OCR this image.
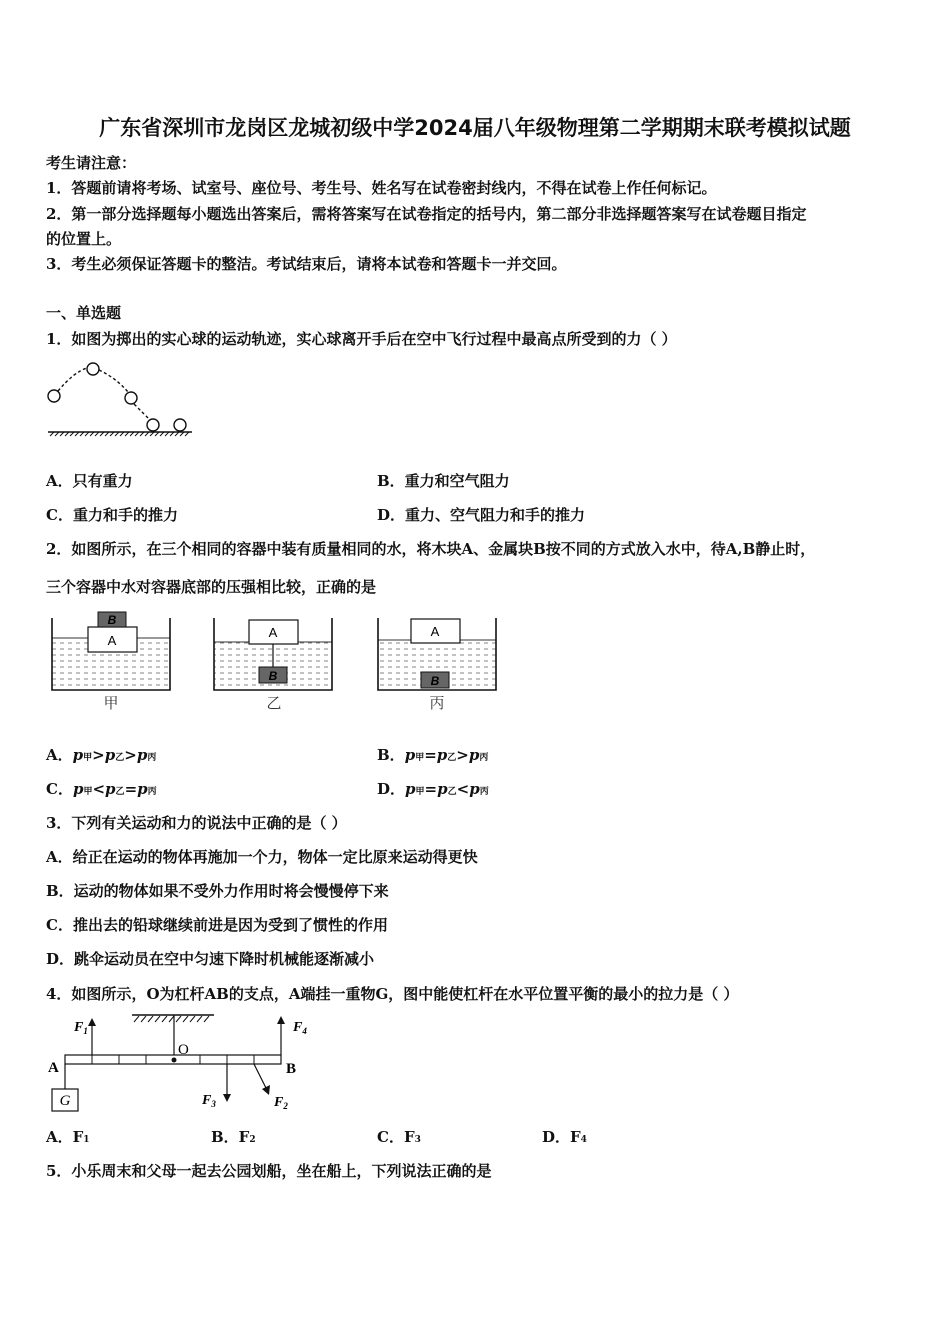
广东省深圳市龙岗区龙城初级中学2024届八年级物理第二学期期末联考模拟试题
考生请注意：
1．答题前请将考场、试室号、座位号、考生号、姓名写在试卷密封线内，不得在试卷上作任何标记。
2．第一部分选择题每小题选出答案后，需将答案写在试卷指定的括号内，第二部分非选择题答案写在试卷题目指定
的位置上。
3．考生必须保证答题卡的整洁。考试结束后，请将本试卷和答题卡一并交回。
一、单选题
1．如图为掷出的实心球的运动轨迹，实心球离开手后在空中飞行过程中最高点所受到的力（ ）
A．只有重力	B．重力和空气阻力
C．重力和手的推力	D．重力、空气阻力和手的推力
2．如图所示，在三个相同的容器中装有质量相同的水，将木块A、金属块B按不同的方式放入水中，待A,B静止时，
三个容器中水对容器底部的压强相比较，正确的是
A
B
甲
A
B
乙
A
B
丙
A．p甲>p乙>p丙	B．p甲=p乙>p丙
C．p甲<p乙=p丙	D．p甲=p乙<p丙
3．下列有关运动和力的说法中正确的是（ ）
A．给正在运动的物体再施加一个力，物体一定比原来运动得更快
B．运动的物体如果不受外力作用时将会慢慢停下来
C．推出去的铅球继续前进是因为受到了惯性的作用
D．跳伞运动员在空中匀速下降时机械能逐渐减小
4．如图所示，O为杠杆AB的支点，A端挂一重物G，图中能使杠杆在水平位置平衡的最小的拉力是（ ）
O
A	B
G
$F_1$	$F_4$
$F_3$	$F_2$
A．F1	B．F2	C．F3	D．F4
5．小乐周末和父母一起去公园划船，坐在船上，下列说法正确的是
